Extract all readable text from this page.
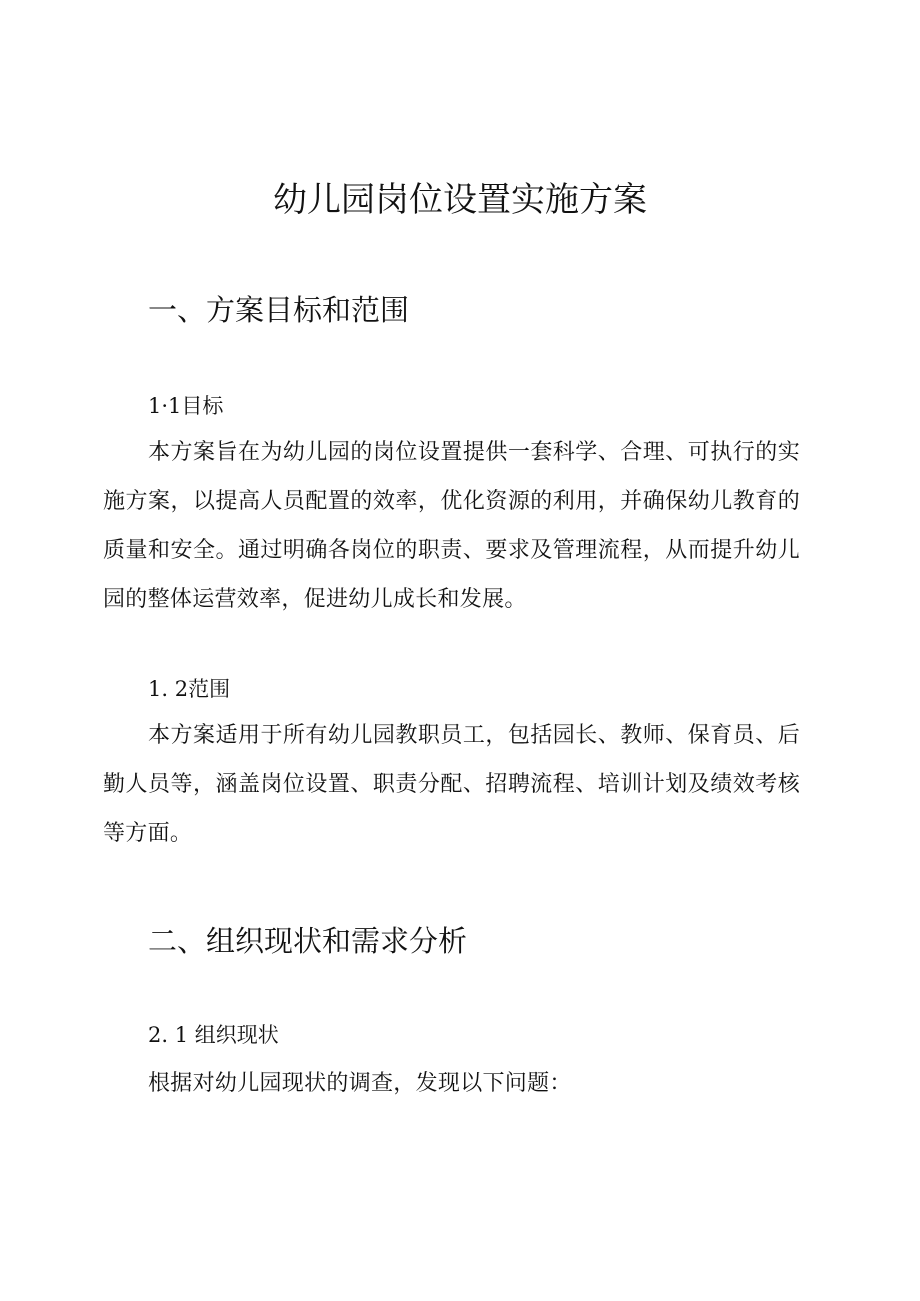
幼儿园岗位设置实施方案
一、方案目标和范围
1·1目标

本方案旨在为幼儿园的岗位设置提供一套科学、合理、可执行的实施方案，以提高人员配置的效率，优化资源的利用，并确保幼儿教育的质量和安全。通过明确各岗位的职责、要求及管理流程，从而提升幼儿园的整体运营效率，促进幼儿成长和发展。

1. 2范围

本方案适用于所有幼儿园教职员工，包括园长、教师、保育员、后勤人员等，涵盖岗位设置、职责分配、招聘流程、培训计划及绩效考核等方面。

二、组织现状和需求分析
2. 1 组织现状

根据对幼儿园现状的调查，发现以下问题：
